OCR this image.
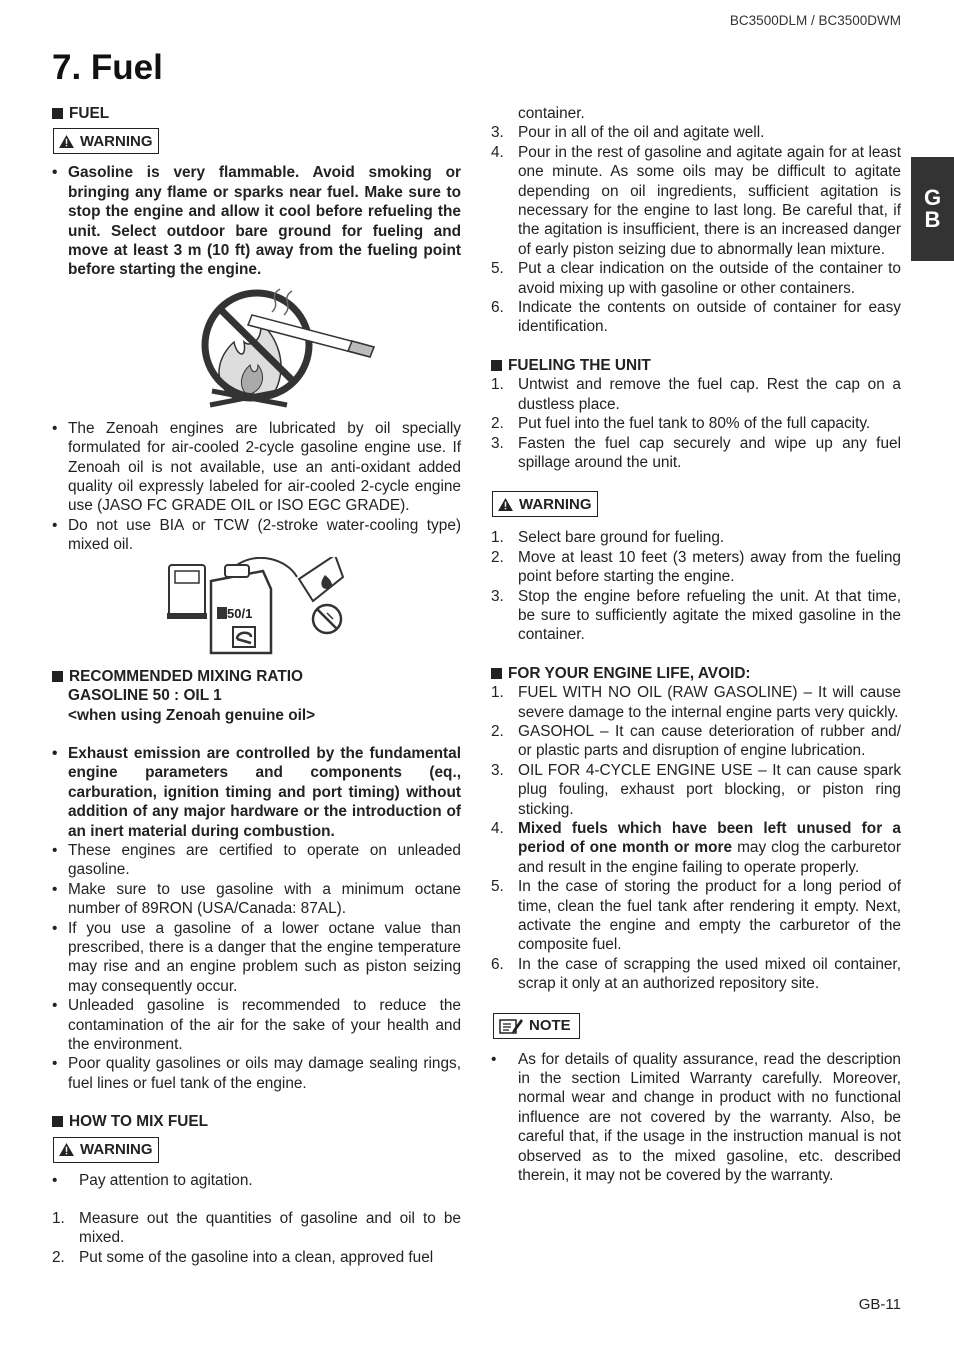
BC3500DLM / BC3500DWM
7. Fuel
G
B
FUEL
WARNING
• Gasoline is very flammable. Avoid smoking or bringing any flame or sparks near fuel. Make sure to stop the engine and allow it cool before refueling the unit. Select outdoor bare ground for fueling and move at least 3 m (10 ft) away from the fueling point before starting the engine.
• The Zenoah engines are lubricated by oil specially formulated for air-cooled 2-cycle gasoline engine use. If Zenoah oil is not available, use an anti-oxidant added quality oil expressly labeled for air-cooled 2-cycle engine use (JASO FC GRADE OIL or ISO EGC GRADE).
• Do not use BIA or TCW (2-stroke water-cooling type) mixed oil.
50/1
RECOMMENDED MIXING RATIO
GASOLINE 50 : OIL 1
<when using Zenoah genuine oil>
• Exhaust emission are controlled by the fundamental engine parameters and components (eq., carburation, ignition timing and port timing) without addition of any major hardware or the introduction of an inert material during combustion.
• These engines are certified to operate on unleaded gasoline.
• Make sure to use gasoline with a minimum octane number of 89RON (USA/Canada: 87AL).
• If you use a gasoline of a lower octane value than prescribed, there is a danger that the engine temperature may rise and an engine problem such as piston seizing may consequently occur.
• Unleaded gasoline is recommended to reduce the contamination of the air for the sake of your health and the environment.
• Poor quality gasolines or oils may damage sealing rings, fuel lines or fuel tank of the engine.
HOW TO MIX FUEL
WARNING
•	Pay attention to agitation.
1. Measure out the quantities of gasoline and oil to be mixed.
2. Put some of the gasoline into a clean, approved fuel
container.
3. Pour in all of the oil and agitate well.
4. Pour in the rest of gasoline and agitate again for at least one minute. As some oils may be difficult to agitate depending on oil ingredients, sufficient agitation is necessary for the engine to last long. Be careful that, if the agitation is insufficient, there is an increased danger of early piston seizing due to abnormally lean mixture.
5. Put a clear indication on the outside of the container to avoid mixing up with gasoline or other containers.
6. Indicate the contents on outside of container for easy identification.
FUELING THE UNIT
1. Untwist and remove the fuel cap. Rest the cap on a dustless place.
2. Put fuel into the fuel tank to 80% of the full capacity.
3. Fasten the fuel cap securely and wipe up any fuel spillage around the unit.
WARNING
1. Select bare ground for fueling.
2. Move at least 10 feet (3 meters) away from the fueling point before starting the engine.
3. Stop the engine before refueling the unit. At that time, be sure to sufficiently agitate the mixed gasoline in the container.
FOR YOUR ENGINE LIFE, AVOID:
1. FUEL WITH NO OIL (RAW GASOLINE) – It will cause severe damage to the internal engine parts very quickly.
2. GASOHOL – It can cause deterioration of rubber and/ or plastic parts and disruption of engine lubrication.
3. OIL FOR 4-CYCLE ENGINE USE – It can cause spark plug fouling, exhaust port blocking, or piston ring sticking.
4. Mixed fuels which have been left unused for a period of one month or more may clog the carburetor and result in the engine failing to operate properly.
5. In the case of storing the product for a long period of time, clean the fuel tank after rendering it empty. Next, activate the engine and empty the carburetor of the composite fuel.
6. In the case of scrapping the used mixed oil container, scrap it only at an authorized repository site.
NOTE
•	As for details of quality assurance, read the description in the section Limited Warranty carefully. Moreover, normal wear and change in product with no functional influence are not covered by the warranty. Also, be careful that, if the usage in the instruction manual is not observed as to the mixed gasoline, etc. described therein, it may not be covered by the warranty.
GB-11
